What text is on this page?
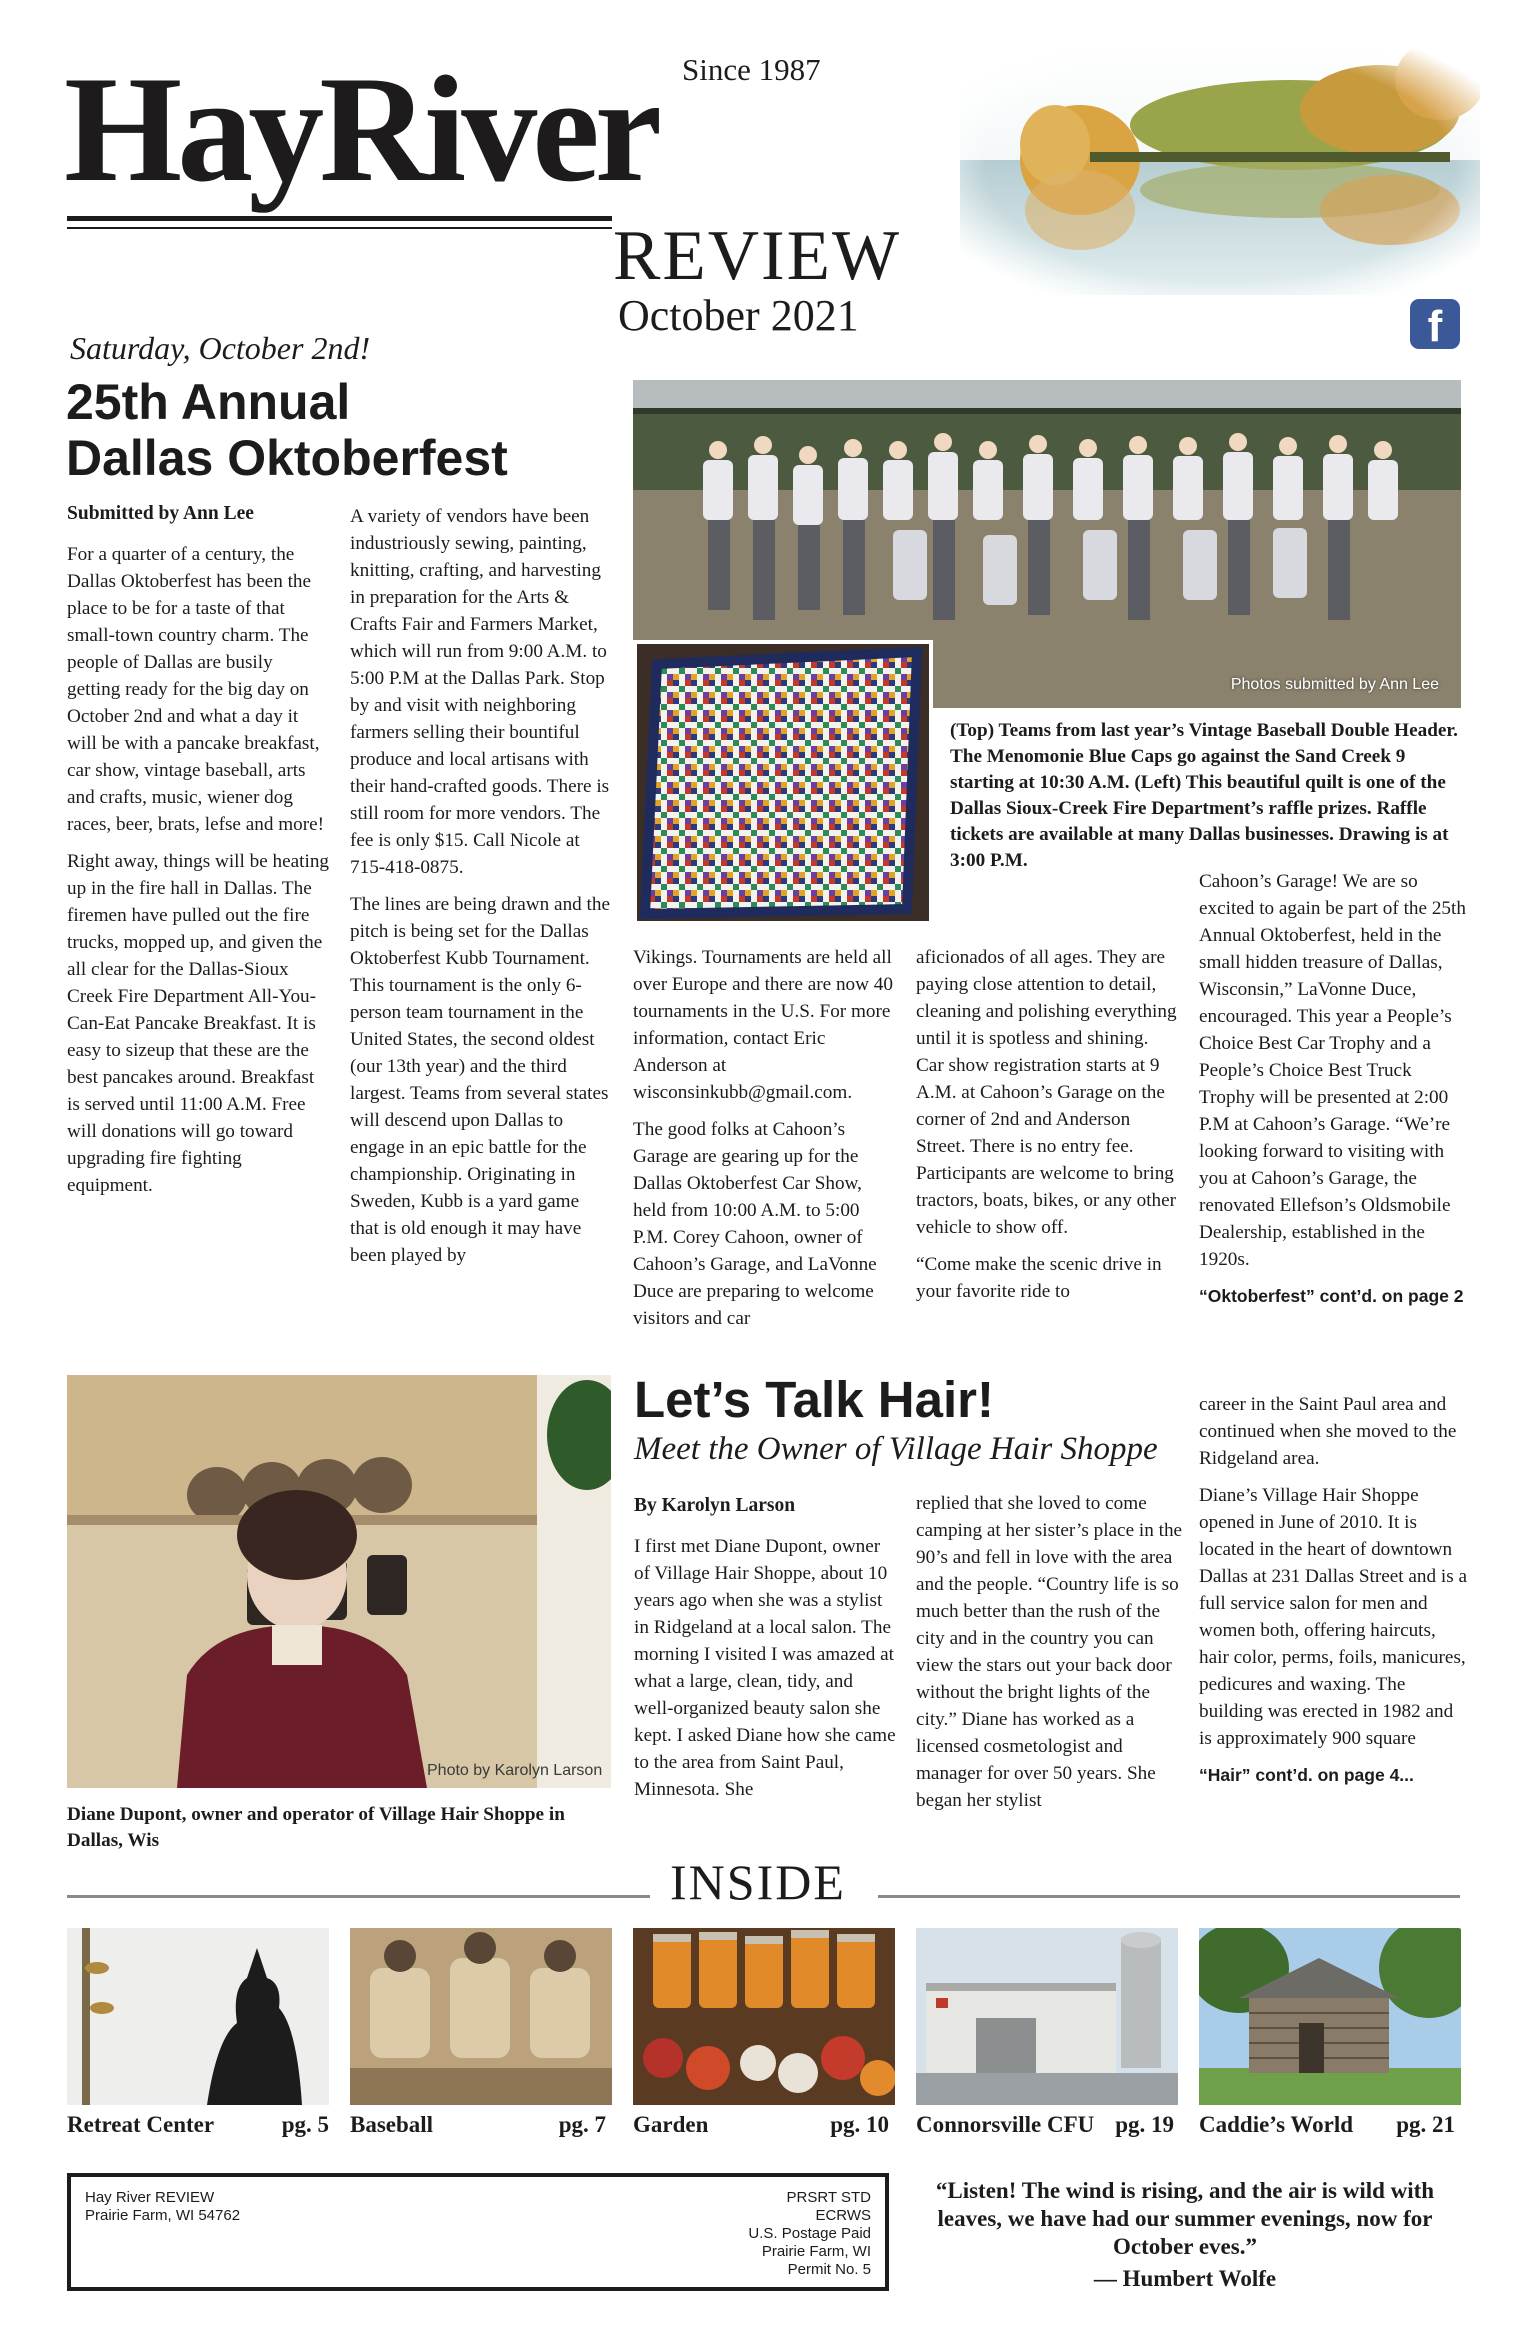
Since 1987
HayRiver
REVIEW
October 2021	f
Saturday, October 2nd!
25th Annual
Dallas Oktoberfest
Submitted by Ann Lee

For a quarter of a century, the Dallas Oktoberfest has been the place to be for a taste of that small-town country charm. The people of Dallas are busily getting ready for the big day on October 2nd and what a day it will be with a pancake breakfast, car show, vintage baseball, arts and crafts, music, wiener dog races, beer, brats, lefse and more!

Right away, things will be heating up in the fire hall in Dallas. The firemen have pulled out the fire trucks, mopped up, and given the all clear for the Dallas-Sioux Creek Fire Department All-You-Can-Eat Pancake Breakfast. It is easy to sizeup that these are the best pancakes around. Breakfast is served until 11:00 A.M. Free will donations will go toward upgrading fire fighting equipment.

A variety of vendors have been industriously sewing, painting, knitting, crafting, and harvesting in preparation for the Arts & Crafts Fair and Farmers Market, which will run from 9:00 A.M. to 5:00 P.M at the Dallas Park. Stop by and visit with neighboring farmers selling their bountiful produce and local artisans with their hand-crafted goods. There is still room for more vendors. The fee is only $15. Call Nicole at 715-418-0875.

The lines are being drawn and the pitch is being set for the Dallas Oktoberfest Kubb Tournament. This tournament is the only 6-person team tournament in the United States, the second oldest (our 13th year) and the third largest. Teams from several states will descend upon Dallas to engage in an epic battle for the championship. Originating in Sweden, Kubb is a yard game that is old enough it may have been played by

Photos submitted by Ann Lee
(Top) Teams from last year’s Vintage Baseball Double Header. The Menomonie Blue Caps go against the Sand Creek 9 starting at 10:30 A.M. (Left) This beautiful quilt is one of the Dallas Sioux-Creek Fire Department’s raffle prizes. Raffle tickets are available at many Dallas businesses. Drawing is at 3:00 P.M.

Vikings. Tournaments are held all over Europe and there are now 40 tournaments in the U.S. For more information, contact Eric Anderson at wisconsinkubb@gmail.com.

The good folks at Cahoon’s Garage are gearing up for the Dallas Oktoberfest Car Show, held from 10:00 A.M. to 5:00 P.M. Corey Cahoon, owner of Cahoon’s Garage, and LaVonne Duce are preparing to welcome visitors and car

aficionados of all ages. They are paying close attention to detail, cleaning and polishing everything until it is spotless and shining. Car show registration starts at 9 A.M. at Cahoon’s Garage on the corner of 2nd and Anderson Street. There is no entry fee. Participants are welcome to bring tractors, boats, bikes, or any other vehicle to show off.

“Come make the scenic drive in your favorite ride to

Cahoon’s Garage! We are so excited to again be part of the 25th Annual Oktoberfest, held in the small hidden treasure of Dallas, Wisconsin,” LaVonne Duce, encouraged. This year a People’s Choice Best Car Trophy and a People’s Choice Best Truck Trophy will be presented at 2:00 P.M at Cahoon’s Garage. “We’re looking forward to visiting with you at Cahoon’s Garage, the renovated Ellefson’s Oldsmobile Dealership, established in the 1920s.

“Oktoberfest” cont’d. on page 2
Photo by Karolyn Larson
Diane Dupont, owner and operator of Village Hair Shoppe in Dallas, Wis
Let’s Talk Hair!
Meet the Owner of Village Hair Shoppe
By Karolyn Larson

I first met Diane Dupont, owner of Village Hair Shoppe, about 10 years ago when she was a stylist in Ridgeland at a local salon. The morning I visited I was amazed at what a large, clean, tidy, and well-organized beauty salon she kept. I asked Diane how she came to the area from Saint Paul, Minnesota. She

replied that she loved to come camping at her sister’s place in the 90’s and fell in love with the area and the people. “Country life is so much better than the rush of the city and in the country you can view the stars out your back door without the bright lights of the city.” Diane has worked as a licensed cosmetologist and manager for over 50 years. She began her stylist

career in the Saint Paul area and continued when she moved to the Ridgeland area.

Diane’s Village Hair Shoppe opened in June of 2010. It is located in the heart of downtown Dallas at 231 Dallas Street and is a full service salon for men and women both, offering haircuts, hair color, perms, foils, manicures, pedicures and waxing. The building was erected in 1982 and is approximately 900 square

“Hair” cont’d. on page 4...
INSIDE
Retreat Center	pg. 5 Baseball	pg. 7 Garden	pg. 10 Connorsville CFU pg. 19 Caddie’s World pg. 21
Hay River REVIEW
Prairie Farm, WI 54762
PRSRT STD
ECRWS
U.S. Postage Paid
Prairie Farm, WI
Permit No. 5
“Listen! The wind is rising, and the air is wild with leaves, we have had our summer evenings, now for October eves.”
— Humbert Wolfe
